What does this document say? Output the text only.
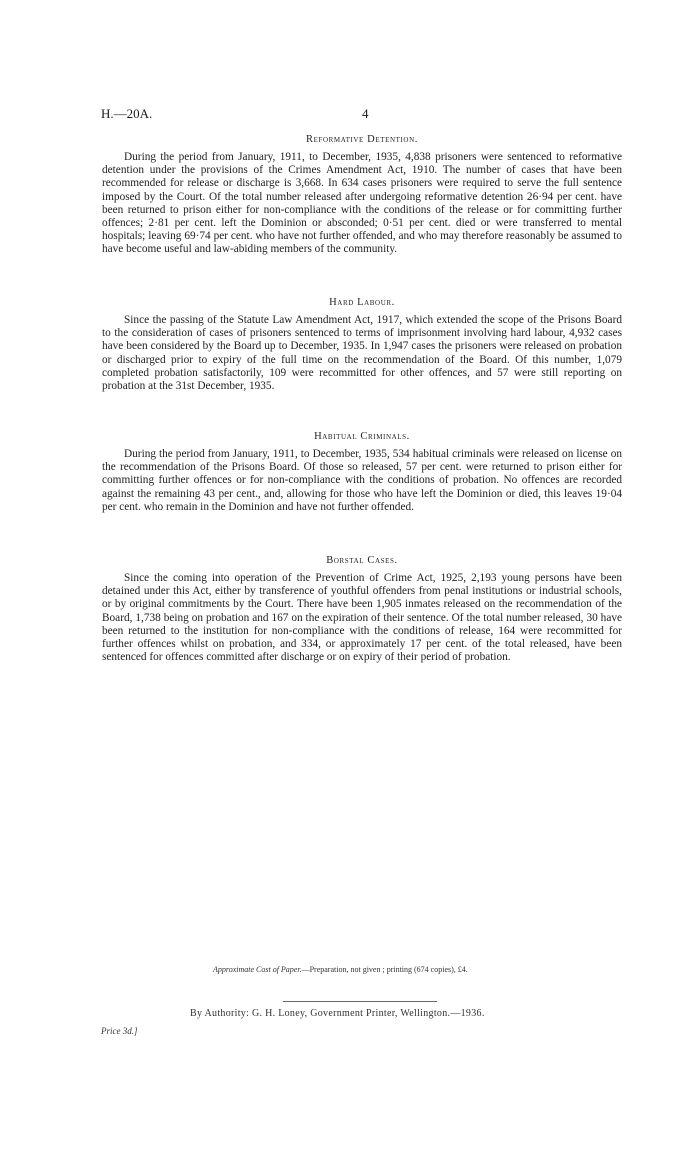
H.—20A.	4
Reformative Detention.

During the period from January, 1911, to December, 1935, 4,838 prisoners were sentenced to reformative detention under the provisions of the Crimes Amendment Act, 1910. The number of cases that have been recommended for release or discharge is 3,668. In 634 cases prisoners were required to serve the full sentence imposed by the Court. Of the total number released after undergoing reformative detention 26·94 per cent. have been returned to prison either for non-compliance with the conditions of the release or for committing further offences; 2·81 per cent. left the Dominion or absconded; 0·51 per cent. died or were transferred to mental hospitals; leaving 69·74 per cent. who have not further offended, and who may therefore reasonably be assumed to have become useful and law-abiding members of the community.

Hard Labour.

Since the passing of the Statute Law Amendment Act, 1917, which extended the scope of the Prisons Board to the consideration of cases of prisoners sentenced to terms of imprisonment involving hard labour, 4,932 cases have been considered by the Board up to December, 1935. In 1,947 cases the prisoners were released on probation or discharged prior to expiry of the full time on the recommendation of the Board. Of this number, 1,079 completed probation satisfactorily, 109 were recommitted for other offences, and 57 were still reporting on probation at the 31st December, 1935.

Habitual Criminals.

During the period from January, 1911, to December, 1935, 534 habitual criminals were released on license on the recommendation of the Prisons Board. Of those so released, 57 per cent. were returned to prison either for committing further offences or for non-compliance with the conditions of probation. No offences are recorded against the remaining 43 per cent., and, allowing for those who have left the Dominion or died, this leaves 19·04 per cent. who remain in the Dominion and have not further offended.

Borstal Cases.

Since the coming into operation of the Prevention of Crime Act, 1925, 2,193 young persons have been detained under this Act, either by transference of youthful offenders from penal institutions or industrial schools, or by original commitments by the Court. There have been 1,905 inmates released on the recommendation of the Board, 1,738 being on probation and 167 on the expiration of their sentence. Of the total number released, 30 have been returned to the institution for non-compliance with the conditions of release, 164 were recommitted for further offences whilst on probation, and 334, or approximately 17 per cent. of the total released, have been sentenced for offences committed after discharge or on expiry of their period of probation.

Approximate Cost of Paper.—Preparation, not given ; printing (674 copies), £4.
By Authority: G. H. Loney, Government Printer, Wellington.—1936.
Price 3d.]
